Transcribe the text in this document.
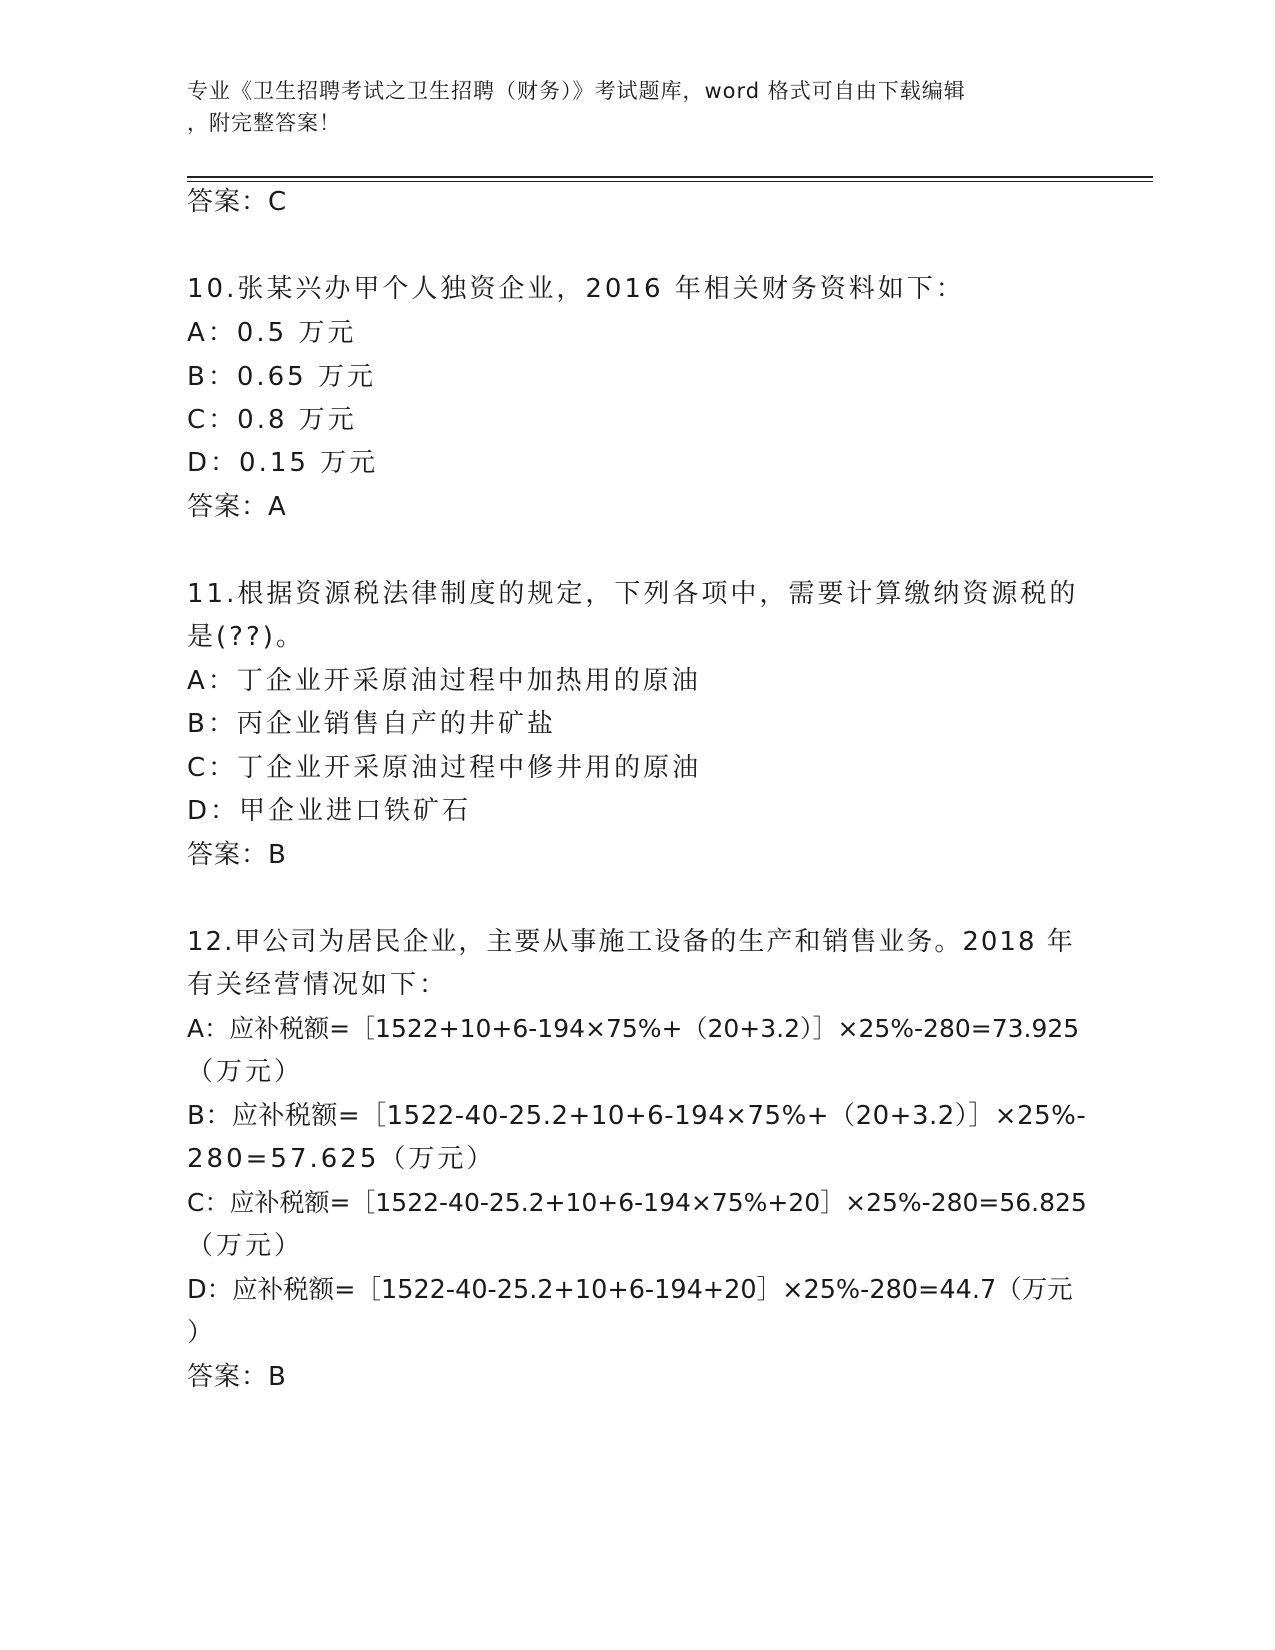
专业《卫生招聘考试之卫生招聘（财务）》考试题库，word 格式可自由下载编辑
，附完整答案！
答案：C
10.张某兴办甲个人独资企业，2016 年相关财务资料如下：
A：0.5 万元
B：0.65 万元
C：0.8 万元
D：0.15 万元
答案：A
11.根据资源税法律制度的规定，下列各项中，需要计算缴纳资源税的
是(??)。
A：丁企业开采原油过程中加热用的原油
B：丙企业销售自产的井矿盐
C：丁企业开采原油过程中修井用的原油
D：甲企业进口铁矿石
答案：B
12.甲公司为居民企业，主要从事施工设备的生产和销售业务。2018 年
有关经营情况如下：
A：应补税额=［1522+10+6-194×75%+（20+3.2）］×25%-280=73.925
（万元）
B：应补税额=［1522-40-25.2+10+6-194×75%+（20+3.2）］×25%-
280=57.625（万元）
C：应补税额=［1522-40-25.2+10+6-194×75%+20］×25%-280=56.825
（万元）
D：应补税额=［1522-40-25.2+10+6-194+20］×25%-280=44.7（万元
）
答案：B
